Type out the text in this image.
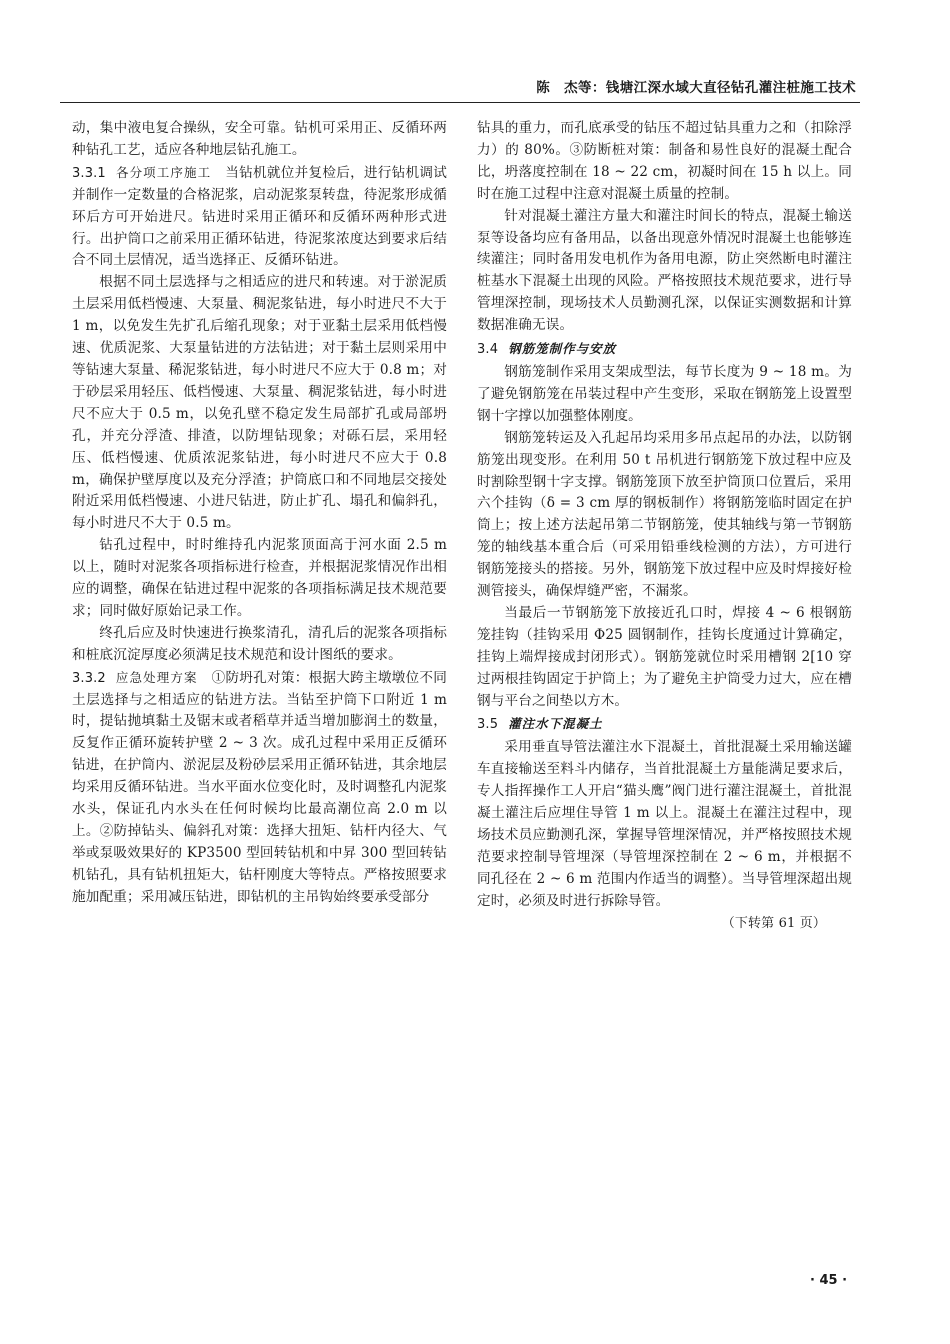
陈　杰等：钱塘江深水域大直径钻孔灌注桩施工技术

动，集中液电复合操纵，安全可靠。钻机可采用正、反循环两种钻孔工艺，适应各种地层钻孔施工。

3.3.1 各分项工序施工 当钻机就位并复检后，进行钻机调试并制作一定数量的合格泥浆，启动泥浆泵转盘，待泥浆形成循环后方可开始进尺。钻进时采用正循环和反循环两种形式进行。出护筒口之前采用正循环钻进，待泥浆浓度达到要求后结合不同土层情况，适当选择正、反循环钻进。

根据不同土层选择与之相适应的进尺和转速。对于淤泥质土层采用低档慢速、大泵量、稠泥浆钻进，每小时进尺不大于 1 m，以免发生先扩孔后缩孔现象；对于亚黏土层采用低档慢速、优质泥浆、大泵量钻进的方法钻进；对于黏土层则采用中等钻速大泵量、稀泥浆钻进，每小时进尺不应大于 0.8 m；对于砂层采用轻压、低档慢速、大泵量、稠泥浆钻进，每小时进尺不应大于 0.5 m，以免孔壁不稳定发生局部扩孔或局部坍孔，并充分浮渣、排渣，以防埋钻现象；对砾石层，采用轻压、低档慢速、优质浓泥浆钻进，每小时进尺不应大于 0.8 m，确保护壁厚度以及充分浮渣；护筒底口和不同地层交接处附近采用低档慢速、小进尺钻进，防止扩孔、塌孔和偏斜孔，每小时进尺不大于 0.5 m。

钻孔过程中，时时维持孔内泥浆顶面高于河水面 2.5 m 以上，随时对泥浆各项指标进行检查，并根据泥浆情况作出相应的调整，确保在钻进过程中泥浆的各项指标满足技术规范要求；同时做好原始记录工作。

终孔后应及时快速进行换浆清孔，清孔后的泥浆各项指标和桩底沉淀厚度必须满足技术规范和设计图纸的要求。

3.3.2 应急处理方案 ①防坍孔对策：根据大跨主墩墩位不同土层选择与之相适应的钻进方法。当钻至护筒下口附近 1 m 时，提钻抛填黏土及锯末或者稻草并适当增加膨润土的数量，反复作正循环旋转护壁 2 ~ 3 次。成孔过程中采用正反循环钻进，在护筒内、淤泥层及粉砂层采用正循环钻进，其余地层均采用反循环钻进。当水平面水位变化时，及时调整孔内泥浆水头，保证孔内水头在任何时候均比最高潮位高 2.0 m 以上。②防掉钻头、偏斜孔对策：选择大扭矩、钻杆内径大、气举或泵吸效果好的 KP3500 型回转钻机和中昇 300 型回转钻机钻孔，具有钻机扭矩大，钻杆刚度大等特点。严格按照要求施加配重；采用减压钻进，即钻机的主吊钩始终要承受部分

钻具的重力，而孔底承受的钻压不超过钻具重力之和（扣除浮力）的 80%。③防断桩对策：制备和易性良好的混凝土配合比，坍落度控制在 18 ~ 22 cm，初凝时间在 15 h 以上。同时在施工过程中注意对混凝土质量的控制。

针对混凝土灌注方量大和灌注时间长的特点，混凝土输送泵等设备均应有备用品，以备出现意外情况时混凝土也能够连续灌注；同时备用发电机作为备用电源，防止突然断电时灌注桩基水下混凝土出现的风险。严格按照技术规范要求，进行导管埋深控制，现场技术人员勤测孔深，以保证实测数据和计算数据准确无误。

3.4 钢筋笼制作与安放

钢筋笼制作采用支架成型法，每节长度为 9 ~ 18 m。为了避免钢筋笼在吊装过程中产生变形，采取在钢筋笼上设置型钢十字撑以加强整体刚度。

钢筋笼转运及入孔起吊均采用多吊点起吊的办法，以防钢筋笼出现变形。在利用 50 t 吊机进行钢筋笼下放过程中应及时割除型钢十字支撑。钢筋笼顶下放至护筒顶口位置后，采用六个挂钩（δ = 3 cm 厚的钢板制作）将钢筋笼临时固定在护筒上；按上述方法起吊第二节钢筋笼，使其轴线与第一节钢筋笼的轴线基本重合后（可采用铅垂线检测的方法），方可进行钢筋笼接头的搭接。另外，钢筋笼下放过程中应及时焊接好检测管接头，确保焊缝严密，不漏浆。

当最后一节钢筋笼下放接近孔口时，焊接 4 ~ 6 根钢筋笼挂钩（挂钩采用 Φ25 圆钢制作，挂钩长度通过计算确定，挂钩上端焊接成封闭形式）。钢筋笼就位时采用槽钢 2[10 穿过两根挂钩固定于护筒上；为了避免主护筒受力过大，应在槽钢与平台之间垫以方木。

3.5 灌注水下混凝土

采用垂直导管法灌注水下混凝土，首批混凝土采用输送罐车直接输送至料斗内储存，当首批混凝土方量能满足要求后，专人指挥操作工人开启“猫头鹰”阀门进行灌注混凝土，首批混凝土灌注后应埋住导管 1 m 以上。混凝土在灌注过程中，现场技术员应勤测孔深，掌握导管埋深情况，并严格按照技术规范要求控制导管埋深（导管埋深控制在 2 ~ 6 m，并根据不同孔径在 2 ~ 6 m 范围内作适当的调整）。当导管埋深超出规定时，必须及时进行拆除导管。

（下转第 61 页）
· 45 ·
